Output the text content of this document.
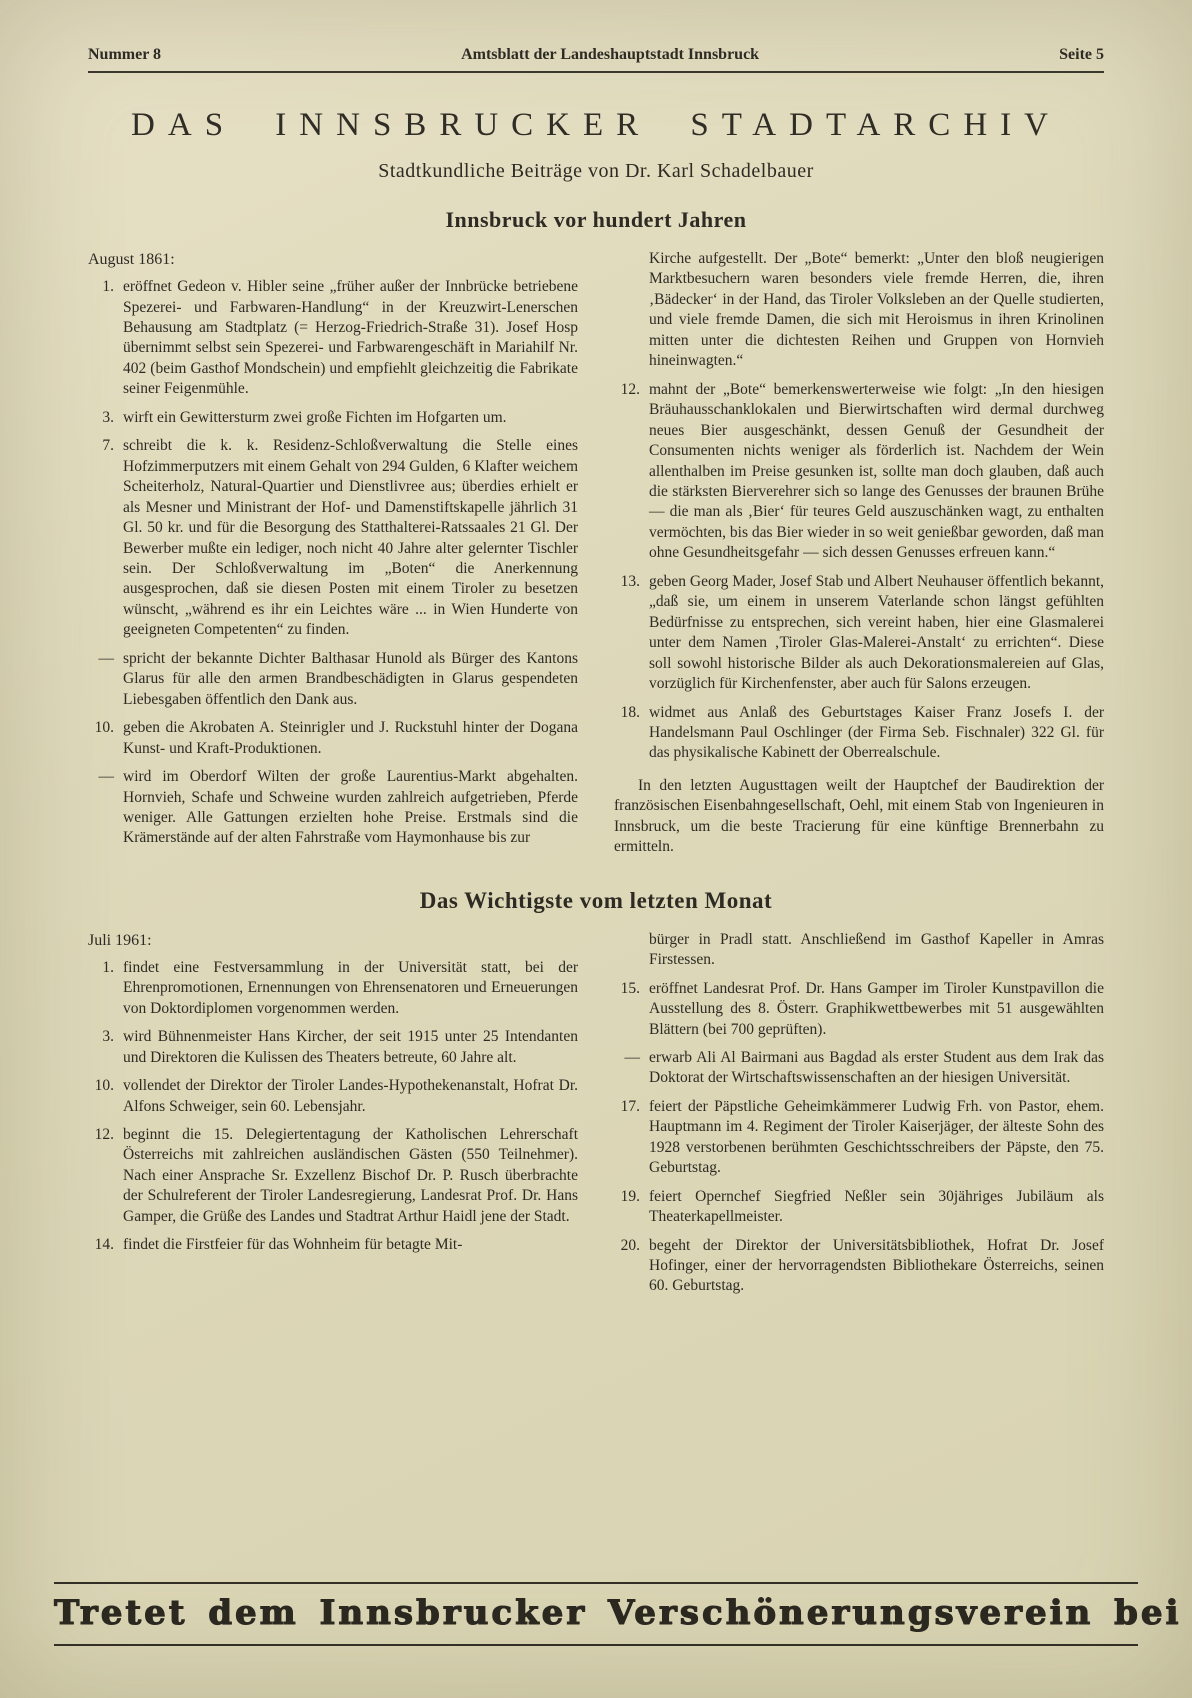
Nummer 8	Amtsblatt der Landeshauptstadt Innsbruck	Seite 5
DAS INNSBRUCKER STADTARCHIV
Stadtkundliche Beiträge von Dr. Karl Schadelbauer
Innsbruck vor hundert Jahren
August 1861:
1. eröffnet Gedeon v. Hibler seine „früher außer der Innbrücke betriebene Spezerei- und Farbwaren-Handlung“ in der Kreuzwirt-Lenerschen Behausung am Stadtplatz (= Herzog-Friedrich-Straße 31). Josef Hosp übernimmt selbst sein Spezerei- und Farbwarengeschäft in Mariahilf Nr. 402 (beim Gasthof Mondschein) und empfiehlt gleichzeitig die Fabrikate seiner Feigenmühle.
3. wirft ein Gewittersturm zwei große Fichten im Hofgarten um.
7. schreibt die k. k. Residenz-Schloßverwaltung die Stelle eines Hofzimmerputzers mit einem Gehalt von 294 Gulden, 6 Klafter weichem Scheiterholz, Natural-Quartier und Dienstlivree aus; überdies erhielt er als Mesner und Ministrant der Hof- und Damenstiftskapelle jährlich 31 Gl. 50 kr. und für die Besorgung des Statthalterei-Ratssaales 21 Gl. Der Bewerber mußte ein lediger, noch nicht 40 Jahre alter gelernter Tischler sein. Der Schloßverwaltung im „Boten“ die Anerkennung ausgesprochen, daß sie diesen Posten mit einem Tiroler zu besetzen wünscht, „während es ihr ein Leichtes wäre ... in Wien Hunderte von geeigneten Competenten“ zu finden.
— spricht der bekannte Dichter Balthasar Hunold als Bürger des Kantons Glarus für alle den armen Brandbeschädigten in Glarus gespendeten Liebesgaben öffentlich den Dank aus.
10. geben die Akrobaten A. Steinrigler und J. Ruckstuhl hinter der Dogana Kunst- und Kraft-Produktionen.
— wird im Oberdorf Wilten der große Laurentius-Markt abgehalten. Hornvieh, Schafe und Schweine wurden zahlreich aufgetrieben, Pferde weniger. Alle Gattungen erzielten hohe Preise. Erstmals sind die Krämerstände auf der alten Fahrstraße vom Haymonhause bis zur
Kirche aufgestellt. Der „Bote“ bemerkt: „Unter den bloß neugierigen Marktbesuchern waren besonders viele fremde Herren, die, ihren ‚Bädecker‘ in der Hand, das Tiroler Volksleben an der Quelle studierten, und viele fremde Damen, die sich mit Heroismus in ihren Krinolinen mitten unter die dichtesten Reihen und Gruppen von Hornvieh hineinwagten.“
12. mahnt der „Bote“ bemerkenswerterweise wie folgt: „In den hiesigen Bräuhausschanklokalen und Bierwirtschaften wird dermal durchweg neues Bier ausgeschänkt, dessen Genuß der Gesundheit der Consumenten nichts weniger als förderlich ist. Nachdem der Wein allenthalben im Preise gesunken ist, sollte man doch glauben, daß auch die stärksten Bierverehrer sich so lange des Genusses der braunen Brühe — die man als ‚Bier‘ für teures Geld auszuschänken wagt, zu enthalten vermöchten, bis das Bier wieder in so weit genießbar geworden, daß man ohne Gesundheitsgefahr — sich dessen Genusses erfreuen kann.“
13. geben Georg Mader, Josef Stab und Albert Neuhauser öffentlich bekannt, „daß sie, um einem in unserem Vaterlande schon längst gefühlten Bedürfnisse zu entsprechen, sich vereint haben, hier eine Glasmalerei unter dem Namen ‚Tiroler Glas-Malerei-Anstalt‘ zu errichten“. Diese soll sowohl historische Bilder als auch Dekorationsmalereien auf Glas, vorzüglich für Kirchenfenster, aber auch für Salons erzeugen.
18. widmet aus Anlaß des Geburtstages Kaiser Franz Josefs I. der Handelsmann Paul Oschlinger (der Firma Seb. Fischnaler) 322 Gl. für das physikalische Kabinett der Oberrealschule.

In den letzten Augusttagen weilt der Hauptchef der Baudirektion der französischen Eisenbahngesellschaft, Oehl, mit einem Stab von Ingenieuren in Innsbruck, um die beste Tracierung für eine künftige Brennerbahn zu ermitteln.

Das Wichtigste vom letzten Monat
Juli 1961:
1. findet eine Festversammlung in der Universität statt, bei der Ehrenpromotionen, Ernennungen von Ehrensenatoren und Erneuerungen von Doktordiplomen vorgenommen werden.
3. wird Bühnenmeister Hans Kircher, der seit 1915 unter 25 Intendanten und Direktoren die Kulissen des Theaters betreute, 60 Jahre alt.
10. vollendet der Direktor der Tiroler Landes-Hypothekenanstalt, Hofrat Dr. Alfons Schweiger, sein 60. Lebensjahr.
12. beginnt die 15. Delegiertentagung der Katholischen Lehrerschaft Österreichs mit zahlreichen ausländischen Gästen (550 Teilnehmer). Nach einer Ansprache Sr. Exzellenz Bischof Dr. P. Rusch überbrachte der Schulreferent der Tiroler Landesregierung, Landesrat Prof. Dr. Hans Gamper, die Grüße des Landes und Stadtrat Arthur Haidl jene der Stadt.
14. findet die Firstfeier für das Wohnheim für betagte Mit-
bürger in Pradl statt. Anschließend im Gasthof Kapeller in Amras Firstessen.
15. eröffnet Landesrat Prof. Dr. Hans Gamper im Tiroler Kunstpavillon die Ausstellung des 8. Österr. Graphikwettbewerbes mit 51 ausgewählten Blättern (bei 700 geprüften).
— erwarb Ali Al Bairmani aus Bagdad als erster Student aus dem Irak das Doktorat der Wirtschaftswissenschaften an der hiesigen Universität.
17. feiert der Päpstliche Geheimkämmerer Ludwig Frh. von Pastor, ehem. Hauptmann im 4. Regiment der Tiroler Kaiserjäger, der älteste Sohn des 1928 verstorbenen berühmten Geschichtsschreibers der Päpste, den 75. Geburtstag.
19. feiert Opernchef Siegfried Neßler sein 30jähriges Jubiläum als Theaterkapellmeister.
20. begeht der Direktor der Universitätsbibliothek, Hofrat Dr. Josef Hofinger, einer der hervorragendsten Bibliothekare Österreichs, seinen 60. Geburtstag.
Tretet dem Innsbrucker Verschönerungsverein bei
